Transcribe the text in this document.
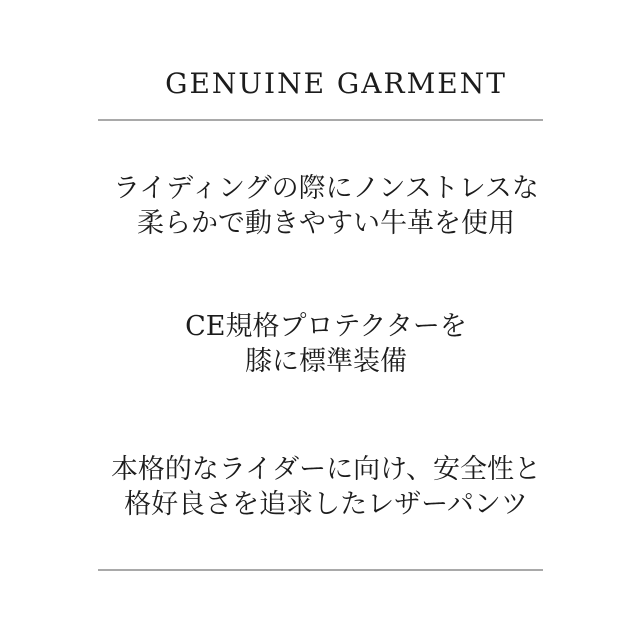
GENUINE GARMENT

ライディングの際にノンストレスな

柔らかで動きやすい牛革を使用

CE規格プロテクターを

膝に標準装備

本格的なライダーに向け、安全性と

格好良さを追求したレザーパンツ
